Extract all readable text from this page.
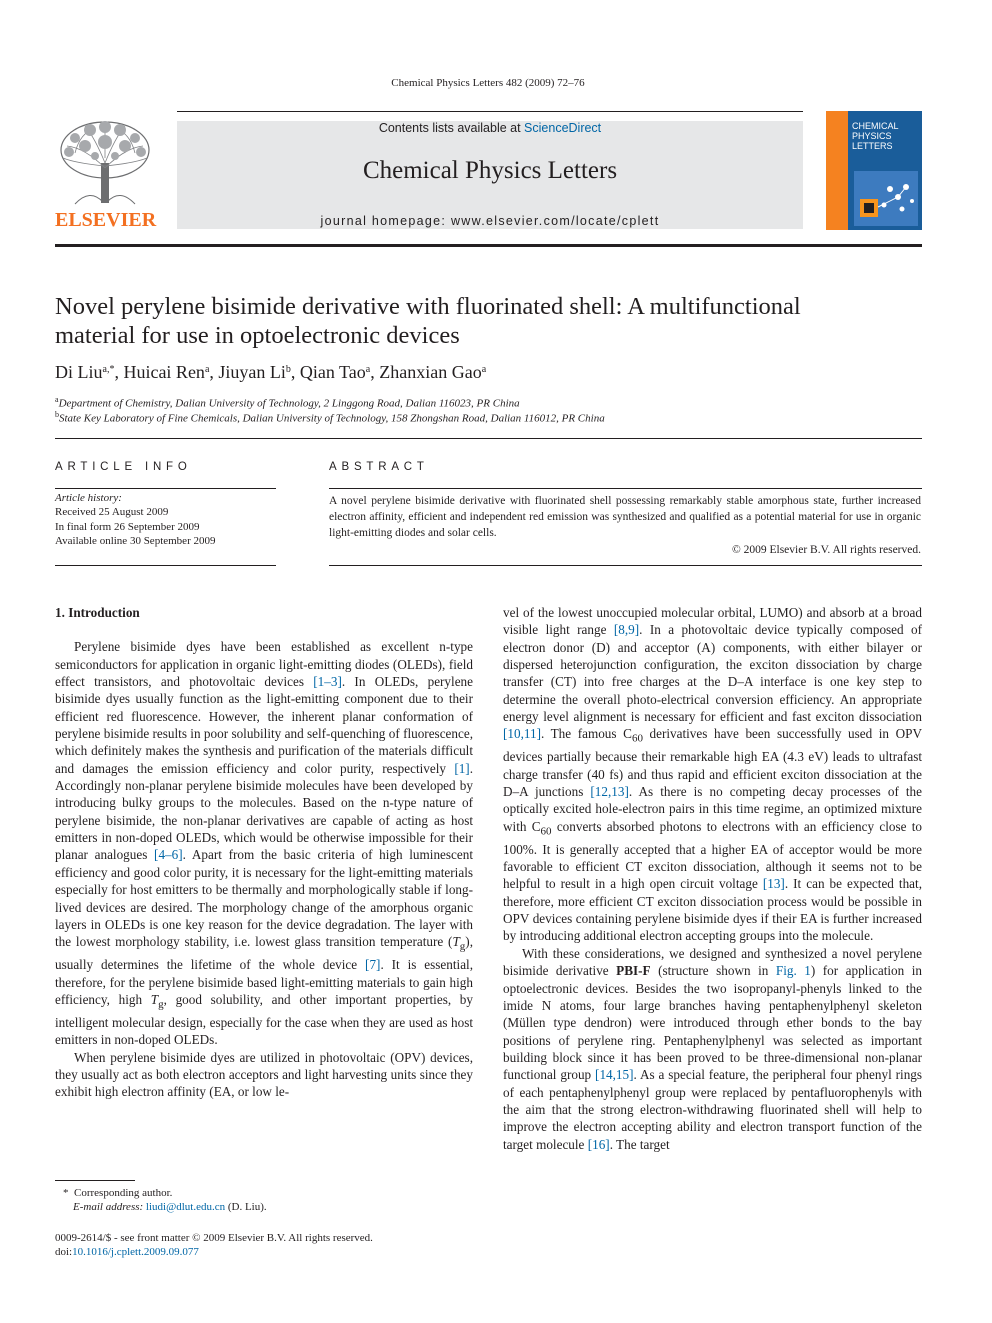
Chemical Physics Letters 482 (2009) 72–76
ELSEVIER
Contents lists available at ScienceDirect
Chemical Physics Letters
journal homepage: www.elsevier.com/locate/cplett
CHEMICAL
PHYSICS
LETTERS
Novel perylene bisimide derivative with fluorinated shell: A multifunctional
material for use in optoelectronic devices
Di Liu$^{a,*}$, Huicai Ren$^a$, Jiuyan Li$^b$, Qian Tao$^a$, Zhanxian Gao$^a$
$^a$Department of Chemistry, Dalian University of Technology, 2 Linggong Road, Dalian 116023, PR China
$^b$State Key Laboratory of Fine Chemicals, Dalian University of Technology, 158 Zhongshan Road, Dalian 116012, PR China
ARTICLE INFO
Article history:
Received 25 August 2009
In final form 26 September 2009
Available online 30 September 2009
ABSTRACT
A novel perylene bisimide derivative with fluorinated shell possessing remarkably stable amorphous state, further increased electron affinity, efficient and independent red emission was synthesized and qualified as a potential material for use in organic light-emitting diodes and solar cells.
© 2009 Elsevier B.V. All rights reserved.

1. Introduction

Perylene bisimide dyes have been established as excellent n-type semiconductors for application in organic light-emitting diodes (OLEDs), field effect transistors, and photovoltaic devices [1–3]. In OLEDs, perylene bisimide dyes usually function as the light-emitting component due to their efficient red fluorescence. However, the inherent planar conformation of perylene bisimide results in poor solubility and self-quenching of fluorescence, which definitely makes the synthesis and purification of the materials difficult and damages the emission efficiency and color purity, respectively [1]. Accordingly non-planar perylene bisimide molecules have been developed by introducing bulky groups to the molecules. Based on the n-type nature of perylene bisimide, the non-planar derivatives are capable of acting as host emitters in non-doped OLEDs, which would be otherwise impossible for their planar analogues [4–6]. Apart from the basic criteria of high luminescent efficiency and good color purity, it is necessary for the light-emitting materials especially for host emitters to be thermally and morphologically stable if long-lived devices are desired. The morphology change of the amorphous organic layers in OLEDs is one key reason for the device degradation. The layer with the lowest morphology stability, i.e. lowest glass transition temperature $(T_g)$, usually determines the lifetime of the whole device [7]. It is essential, therefore, for the perylene bisimide based light-emitting materials to gain high efficiency, high $T_g$, good solubility, and other important properties, by intelligent molecular design, especially for the case when they are used as host emitters in non-doped OLEDs.

When perylene bisimide dyes are utilized in photovoltaic (OPV) devices, they usually act as both electron acceptors and light harvesting units since they exhibit high electron affinity (EA, or low le-

vel of the lowest unoccupied molecular orbital, LUMO) and absorb at a broad visible light range [8,9]. In a photovoltaic device typically composed of electron donor (D) and acceptor (A) components, with either bilayer or dispersed heterojunction configuration, the exciton dissociation by charge transfer (CT) into free charges at the D–A interface is one key step to determine the overall photo-electrical conversion efficiency. An appropriate energy level alignment is necessary for efficient and fast exciton dissociation [10,11]. The famous $C_{60}$ derivatives have been successfully used in OPV devices partially because their remarkable high EA (4.3 eV) leads to ultrafast charge transfer (40 fs) and thus rapid and efficient exciton dissociation at the D–A junctions [12,13]. As there is no competing decay processes of the optically excited hole-electron pairs in this time regime, an optimized mixture with $C_{60}$ converts absorbed photons to electrons with an efficiency close to 100%. It is generally accepted that a higher EA of acceptor would be more favorable to efficient CT exciton dissociation, although it seems not to be helpful to result in a high open circuit voltage [13]. It can be expected that, therefore, more efficient CT exciton dissociation process would be possible in OPV devices containing perylene bisimide dyes if their EA is further increased by introducing additional electron accepting groups into the molecule.

With these considerations, we designed and synthesized a novel perylene bisimide derivative PBI-F (structure shown in Fig. 1) for application in optoelectronic devices. Besides the two isopropanyl-phenyls linked to the imide N atoms, four large branches having pentaphenylphenyl skeleton (Müllen type dendron) were introduced through ether bonds to the bay positions of perylene ring. Pentaphenylphenyl was selected as important building block since it has been proved to be three-dimensional non-planar functional group [14,15]. As a special feature, the peripheral four phenyl rings of each pentaphenylphenyl group were replaced by pentafluorophenyls with the aim that the strong electron-withdrawing fluorinated shell will help to improve the electron accepting ability and electron transport function of the target molecule [16]. The target

* Corresponding author.
E-mail address: liudi@dlut.edu.cn (D. Liu).
0009-2614/$ - see front matter © 2009 Elsevier B.V. All rights reserved.
doi:10.1016/j.cplett.2009.09.077
